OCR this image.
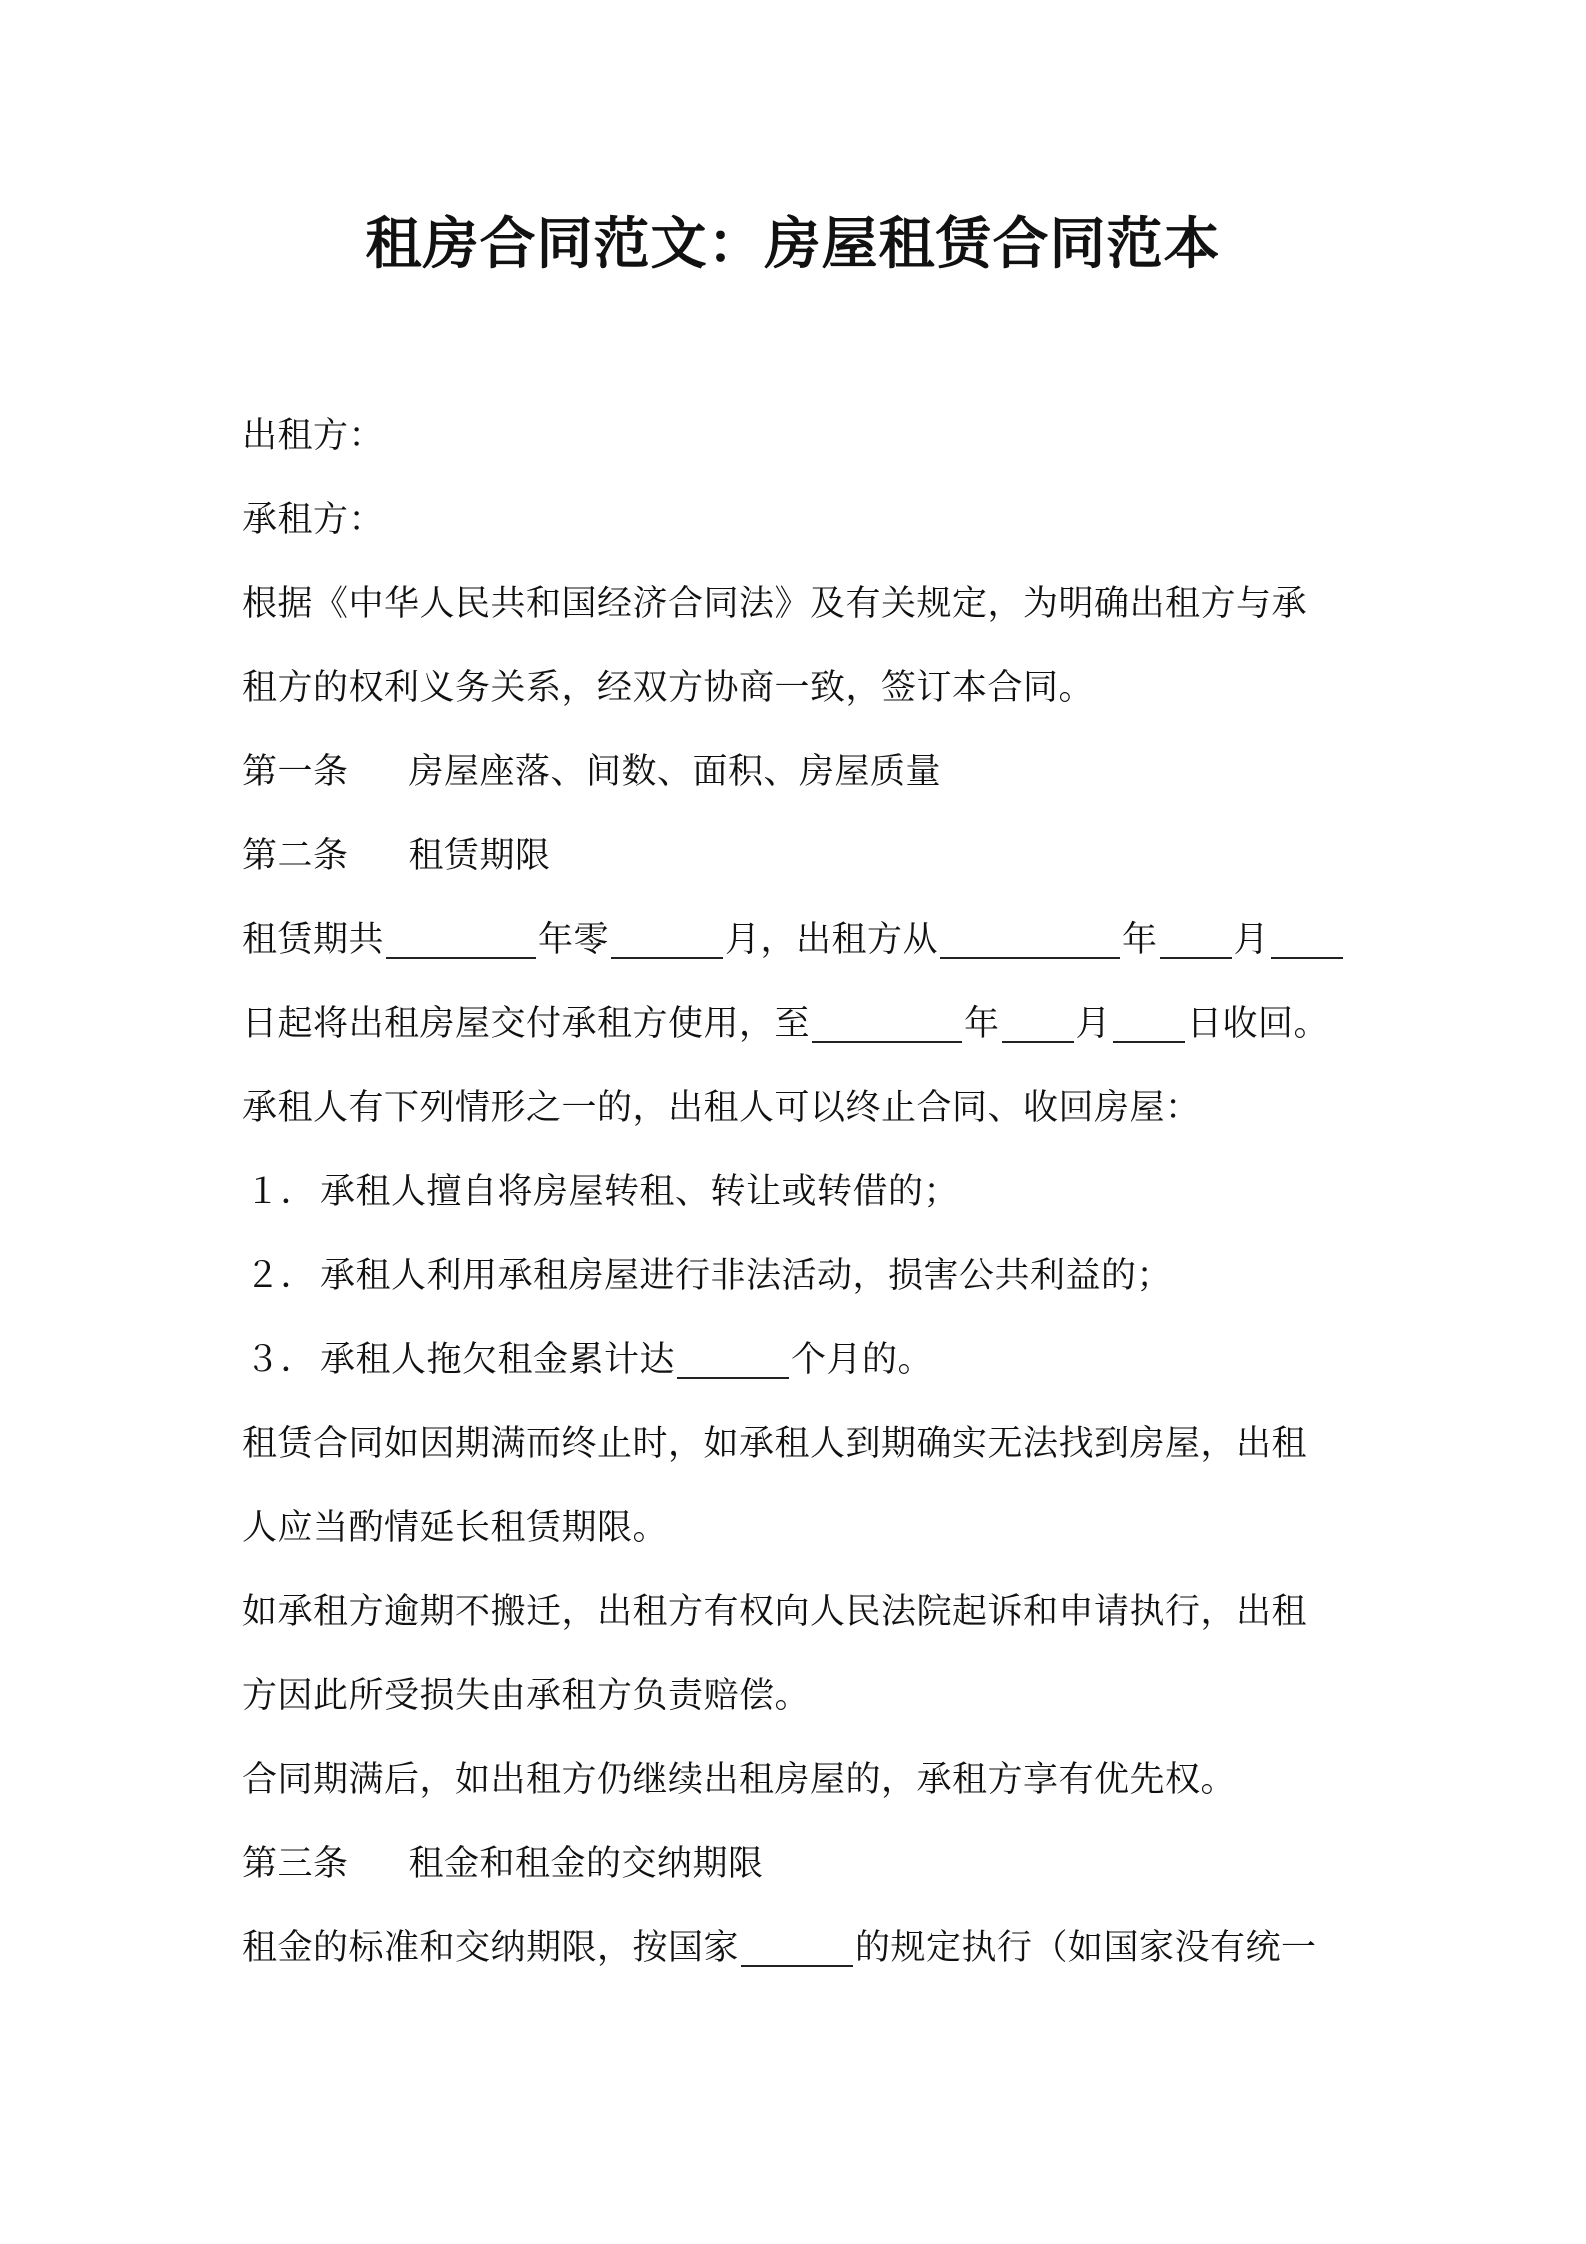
租房合同范文：房屋租赁合同范本
出租方：
承租方：
根据《中华人民共和国经济合同法》及有关规定，为明确出租方与承
租方的权利义务关系，经双方协商一致，签订本合同。
第一条 房屋座落、间数、面积、房屋质量
第二条 租赁期限
租赁期共	年零	月，出租方从	年 月
日起将出租房屋交付承租方使用，至	年 月 日收回。
承租人有下列情形之一的，出租人可以终止合同、收回房屋：
１． 承租人擅自将房屋转租、转让或转借的；
２． 承租人利用承租房屋进行非法活动，损害公共利益的；
３． 承租人拖欠租金累计达	个月的。
租赁合同如因期满而终止时，如承租人到期确实无法找到房屋，出租
人应当酌情延长租赁期限。
如承租方逾期不搬迁，出租方有权向人民法院起诉和申请执行，出租
方因此所受损失由承租方负责赔偿。
合同期满后，如出租方仍继续出租房屋的，承租方享有优先权。
第三条 租金和租金的交纳期限
租金的标准和交纳期限，按国家	的规定执行（如国家没有统一
